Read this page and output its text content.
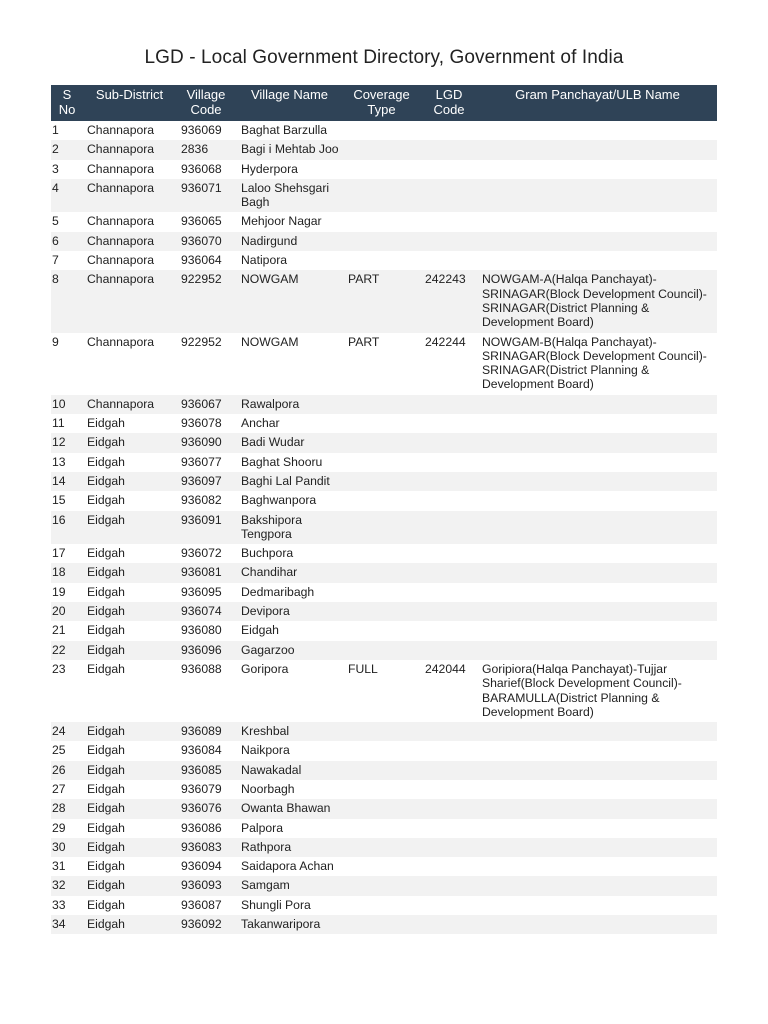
LGD - Local Government Directory, Government of India
S No	Sub-District	Village Code	Village Name	Coverage Type	LGD Code	Gram Panchayat/ULB Name
1	Channapora	936069	Baghat Barzulla			
2	Channapora	2836	Bagi i Mehtab Joo			
3	Channapora	936068	Hyderpora			
4	Channapora	936071	Laloo Shehsgari Bagh			
5	Channapora	936065	Mehjoor Nagar			
6	Channapora	936070	Nadirgund			
7	Channapora	936064	Natipora			
8	Channapora	922952	NOWGAM	PART	242243	NOWGAM-A(Halqa Panchayat)-SRINAGAR(Block Development Council)-SRINAGAR(District Planning & Development Board)
9	Channapora	922952	NOWGAM	PART	242244	NOWGAM-B(Halqa Panchayat)-SRINAGAR(Block Development Council)-SRINAGAR(District Planning & Development Board)
10	Channapora	936067	Rawalpora			
11	Eidgah	936078	Anchar			
12	Eidgah	936090	Badi Wudar			
13	Eidgah	936077	Baghat Shooru			
14	Eidgah	936097	Baghi Lal Pandit			
15	Eidgah	936082	Baghwanpora			
16	Eidgah	936091	Bakshipora Tengpora			
17	Eidgah	936072	Buchpora			
18	Eidgah	936081	Chandihar			
19	Eidgah	936095	Dedmaribagh			
20	Eidgah	936074	Devipora			
21	Eidgah	936080	Eidgah			
22	Eidgah	936096	Gagarzoo			
23	Eidgah	936088	Goripora	FULL	242044	Goripiora(Halqa Panchayat)-Tujjar Sharief(Block Development Council)-BARAMULLA(District Planning & Development Board)
24	Eidgah	936089	Kreshbal			
25	Eidgah	936084	Naikpora			
26	Eidgah	936085	Nawakadal			
27	Eidgah	936079	Noorbagh			
28	Eidgah	936076	Owanta Bhawan			
29	Eidgah	936086	Palpora			
30	Eidgah	936083	Rathpora			
31	Eidgah	936094	Saidapora Achan			
32	Eidgah	936093	Samgam			
33	Eidgah	936087	Shungli Pora			
34	Eidgah	936092	Takanwaripora			
